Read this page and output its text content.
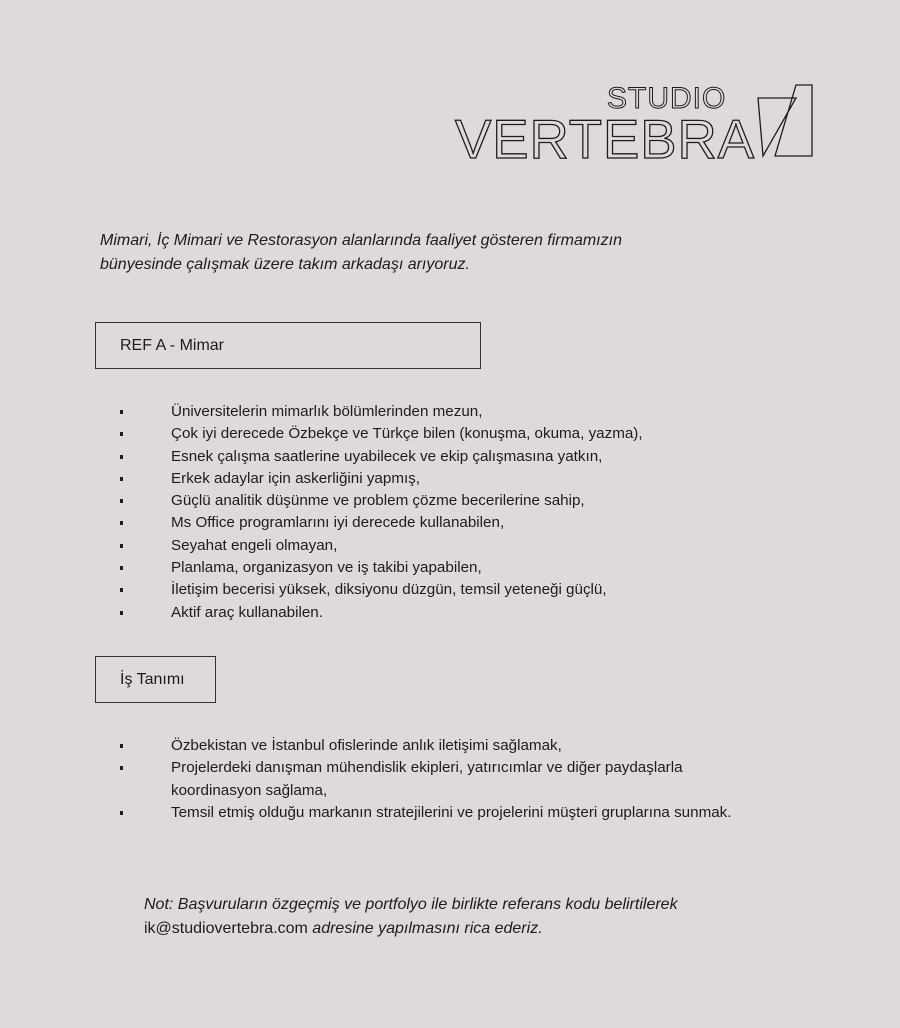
STUDIO
VERTEBRA

Mimari, İç Mimari ve Restorasyon alanlarında faaliyet gösteren firmamızın
bünyesinde çalışmak üzere takım arkadaşı arıyoruz.

REF A - Mimar
Üniversitelerin mimarlık bölümlerinden mezun,
Çok iyi derecede Özbekçe ve Türkçe bilen (konuşma, okuma, yazma),
Esnek çalışma saatlerine uyabilecek ve ekip çalışmasına yatkın,
Erkek adaylar için askerliğini yapmış,
Güçlü analitik düşünme ve problem çözme becerilerine sahip,
Ms Office programlarını iyi derecede kullanabilen,
Seyahat engeli olmayan,
Planlama, organizasyon ve iş takibi yapabilen,
İletişim becerisi yüksek, diksiyonu düzgün, temsil yeteneği güçlü,
Aktif araç kullanabilen.
İş Tanımı
Özbekistan ve İstanbul ofislerinde anlık iletişimi sağlamak,
Projelerdeki danışman mühendislik ekipleri, yatırıcımlar ve diğer paydaşlarla koordinasyon sağlama,
Temsil etmiş olduğu markanın stratejilerini ve projelerini müşteri gruplarına sunmak.

Not: Başvuruların özgeçmiş ve portfolyo ile birlikte referans kodu belirtilerek
ik@studiovertebra.com adresine yapılmasını rica ederiz.
